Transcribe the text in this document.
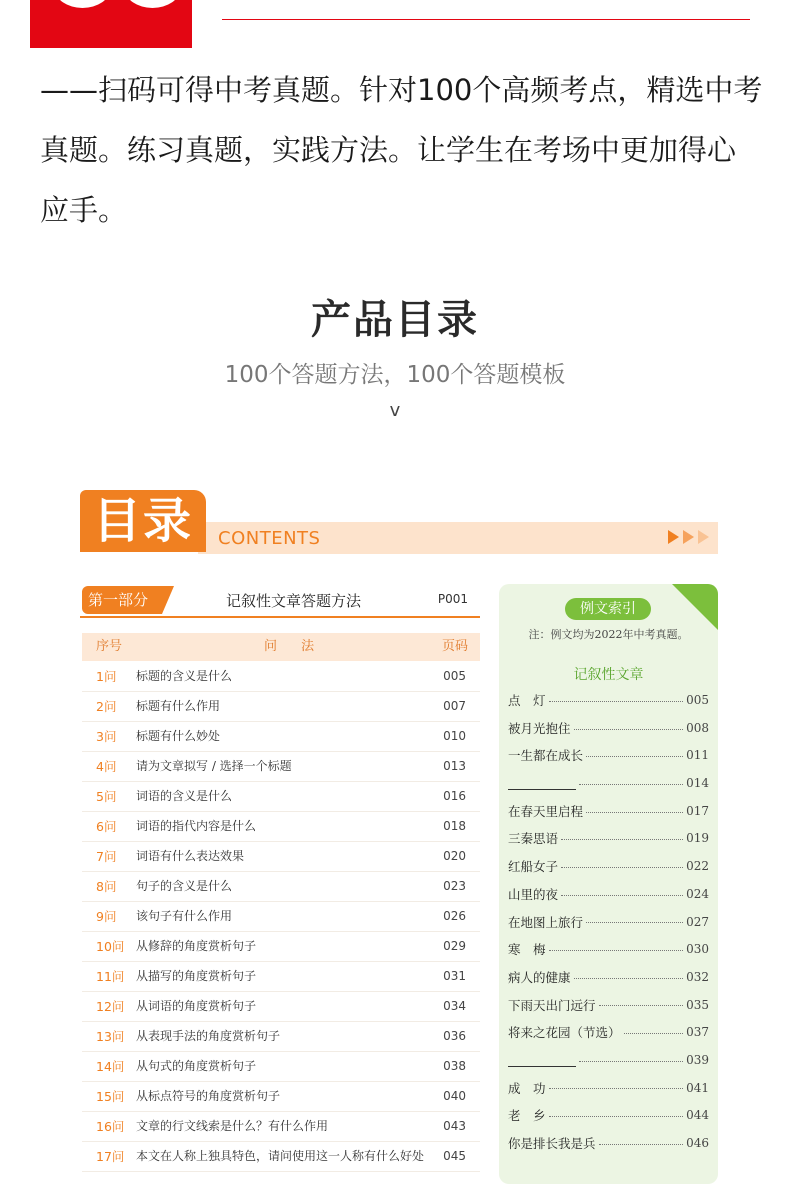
——扫码可得中考真题。针对100个高频考点，精选中考
真题。练习真题，实践方法。让学生在考场中更加得心
应手。
产品目录
100个答题方法，100个答题模板
v
目录	CONTENTS
第一部分	记叙性文章答题方法	P001
序号	问 法	页码
1问 标题的含义是什么	005
2问 标题有什么作用	007
3问 标题有什么妙处	010
4问 请为文章拟写 / 选择一个标题	013
5问 词语的含义是什么	016
6问 词语的指代内容是什么	018
7问 词语有什么表达效果	020
8问 句子的含义是什么	023
9问 该句子有什么作用	026
10问 从修辞的角度赏析句子	029
11问 从描写的角度赏析句子	031
12问 从词语的角度赏析句子	034
13问 从表现手法的角度赏析句子	036
14问 从句式的角度赏析句子	038
15问 从标点符号的角度赏析句子	040
16问 文章的行文线索是什么？有什么作用	043
17问 本文在人称上独具特色，请问使用这一人称有什么好处 045
例文索引
注：例文均为2022年中考真题。
记叙性文章
点　灯	005
被月光抱住	008
一生都在成长	011
014
在春天里启程	017
三秦思语	019
红船女子	022
山里的夜	024
在地图上旅行	027
寒　梅	030
病人的健康	032
下雨天出门远行	035
将来之花园（节选）	037
039
成　功	041
老　乡	044
你是排长我是兵	046
